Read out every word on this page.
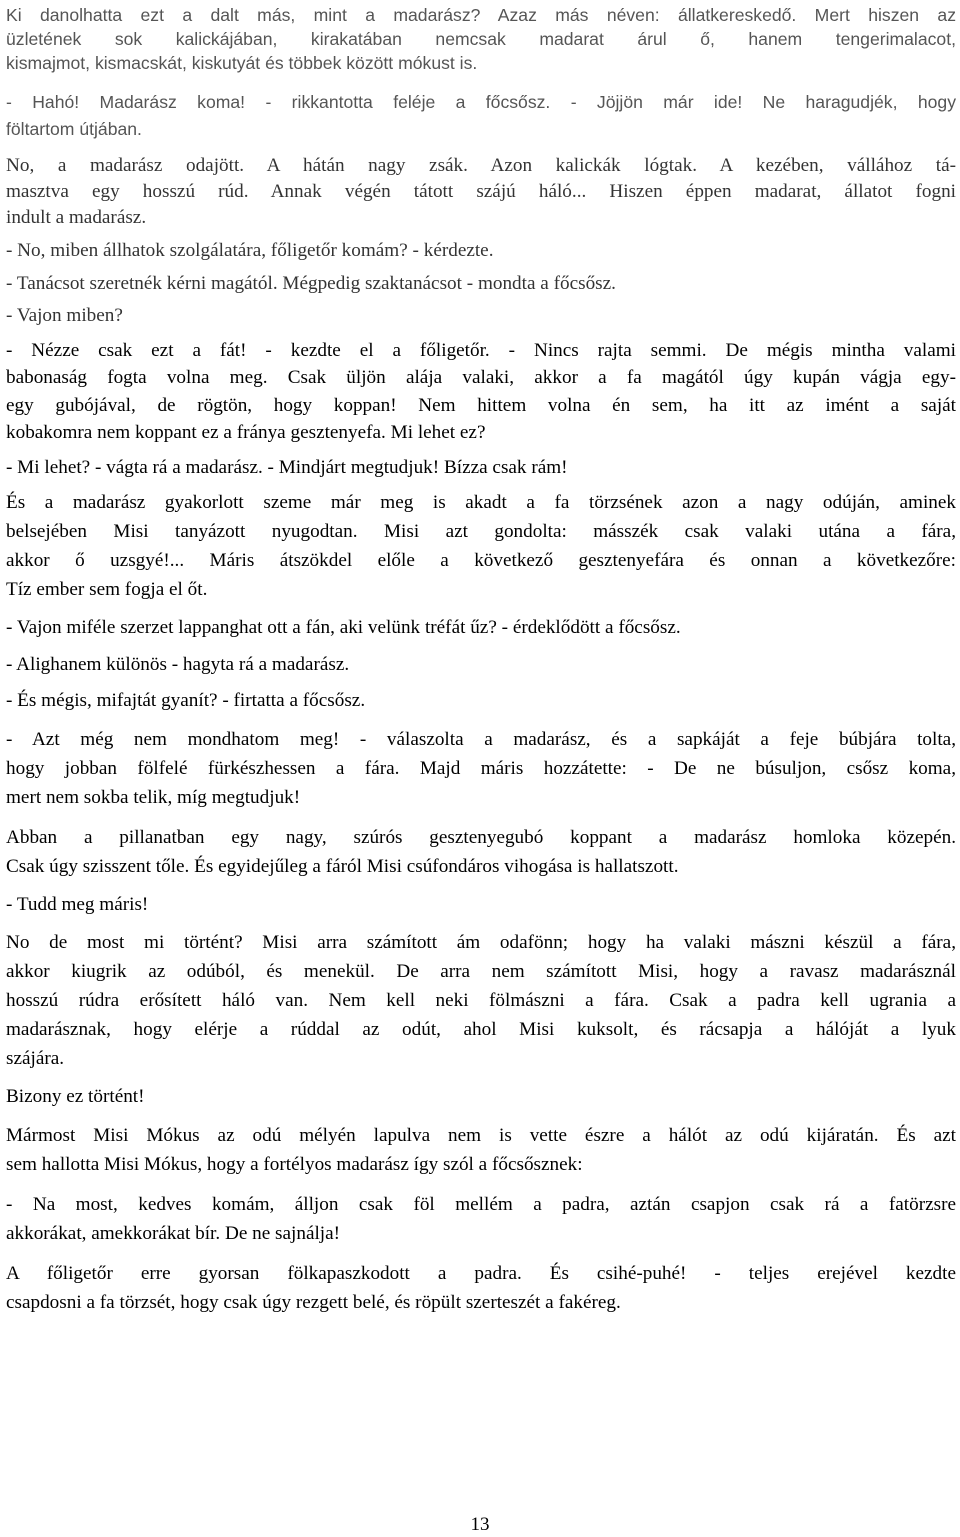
Ki danolhatta ezt a dalt más, mint a madarász? Azaz más néven: állatkereskedő. Mert hiszen az
üzletének sok kalickájában, kirakatában nemcsak madarat árul ő, hanem tengerimalacot,
kismajmot, kismacskát, kiskutyát és többek között mókust is.

- Hahó! Madarász koma! - rikkantotta feléje a főcsősz. - Jöjjön már ide! Ne haragudjék, hogy
föltartom útjában.

No, a madarász odajött. A hátán nagy zsák. Azon kalickák lógtak. A kezében, vállához tá-
masztva egy hosszú rúd. Annak végén tátott szájú háló... Hiszen éppen madarat, állatot fogni
indult a madarász.

- No, miben állhatok szolgálatára, főligetőr komám? - kérdezte.

- Tanácsot szeretnék kérni magától. Mégpedig szaktanácsot - mondta a főcsősz.

- Vajon miben?

- Nézze csak ezt a fát! - kezdte el a főligetőr. - Nincs rajta semmi. De mégis mintha valami
babonaság fogta volna meg. Csak üljön alája valaki, akkor a fa magától úgy kupán vágja egy-
egy gubójával, de rögtön, hogy koppan! Nem hittem volna én sem, ha itt az imént a saját
kobakomra nem koppant ez a fránya gesztenyefa. Mi lehet ez?

- Mi lehet? - vágta rá a madarász. - Mindjárt megtudjuk! Bízza csak rám!

És a madarász gyakorlott szeme már meg is akadt a fa törzsének azon a nagy odúján, aminek
belsejében Misi tanyázott nyugodtan. Misi azt gondolta: másszék csak valaki utána a fára,
akkor ő uzsgyé!... Máris átszökdel előle a következő gesztenyefára és onnan a következőre:
Tíz ember sem fogja el őt.

- Vajon miféle szerzet lappanghat ott a fán, aki velünk tréfát űz? - érdeklődött a főcsősz.

- Alighanem különös - hagyta rá a madarász.

- És mégis, mifajtát gyanít? - firtatta a főcsősz.

- Azt még nem mondhatom meg! - válaszolta a madarász, és a sapkáját a feje búbjára tolta,
hogy jobban fölfelé fürkészhessen a fára. Majd máris hozzátette: - De ne búsuljon, csősz koma,
mert nem sokba telik, míg megtudjuk!

Abban a pillanatban egy nagy, szúrós gesztenyegubó koppant a madarász homloka közepén.
Csak úgy szisszent tőle. És egyidejűleg a fáról Misi csúfondáros vihogása is hallatszott.

- Tudd meg máris!

No de most mi történt? Misi arra számított ám odafönn; hogy ha valaki mászni készül a fára,
akkor kiugrik az odúból, és menekül. De arra nem számított Misi, hogy a ravasz madarásznál
hosszú rúdra erősített háló van. Nem kell neki fölmászni a fára. Csak a padra kell ugrania a
madarásznak, hogy elérje a rúddal az odút, ahol Misi kuksolt, és rácsapja a hálóját a lyuk
szájára.

Bizony ez történt!

Mármost Misi Mókus az odú mélyén lapulva nem is vette észre a hálót az odú kijáratán. És azt
sem hallotta Misi Mókus, hogy a fortélyos madarász így szól a főcsősznek:

- Na most, kedves komám, álljon csak föl mellém a padra, aztán csapjon csak rá a fatörzsre
akkorákat, amekkorákat bír. De ne sajnálja!

A főligetőr erre gyorsan fölkapaszkodott a padra. És csihé-puhé! - teljes erejével kezdte
csapdosni a fa törzsét, hogy csak úgy rezgett belé, és röpült szerteszét a fakéreg.

13
